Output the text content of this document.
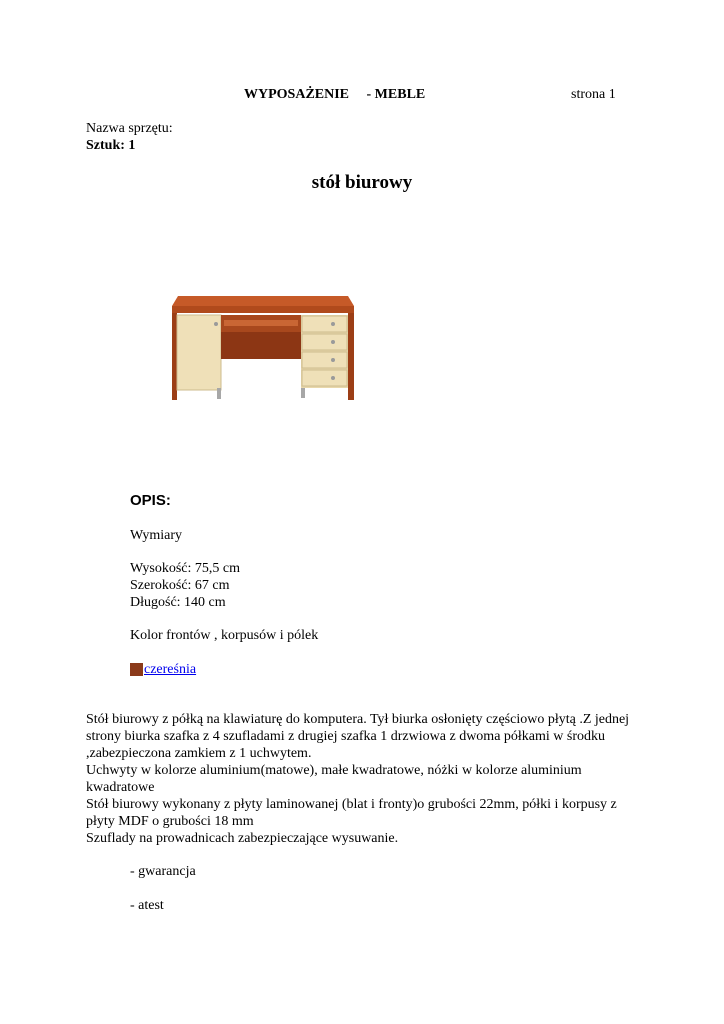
WYPOSAŻENIE     - MEBLE	strona 1
Nazwa sprzętu:
Sztuk: 1
stół biurowy
OPIS:
Wymiary
Wysokość: 75,5 cm
Szerokość: 67 cm
Długość: 140 cm
Kolor frontów , korpusów i pólek
czereśnia

Stół biurowy z półką na klawiaturę do komputera. Tył biurka osłonięty częściowo płytą .Z jednej strony biurka szafka z 4 szufladami z drugiej szafka 1 drzwiowa z dwoma półkami w środku ,zabezpieczona zamkiem z 1 uchwytem.

Uchwyty w kolorze aluminium(matowe), małe kwadratowe, nóżki w kolorze aluminium kwadratowe

Stół biurowy wykonany z płyty laminowanej (blat i fronty)o grubości 22mm, półki i korpusy z płyty MDF o grubości 18 mm

Szuflady na prowadnicach zabezpieczające wysuwanie.

- gwarancja
- atest
